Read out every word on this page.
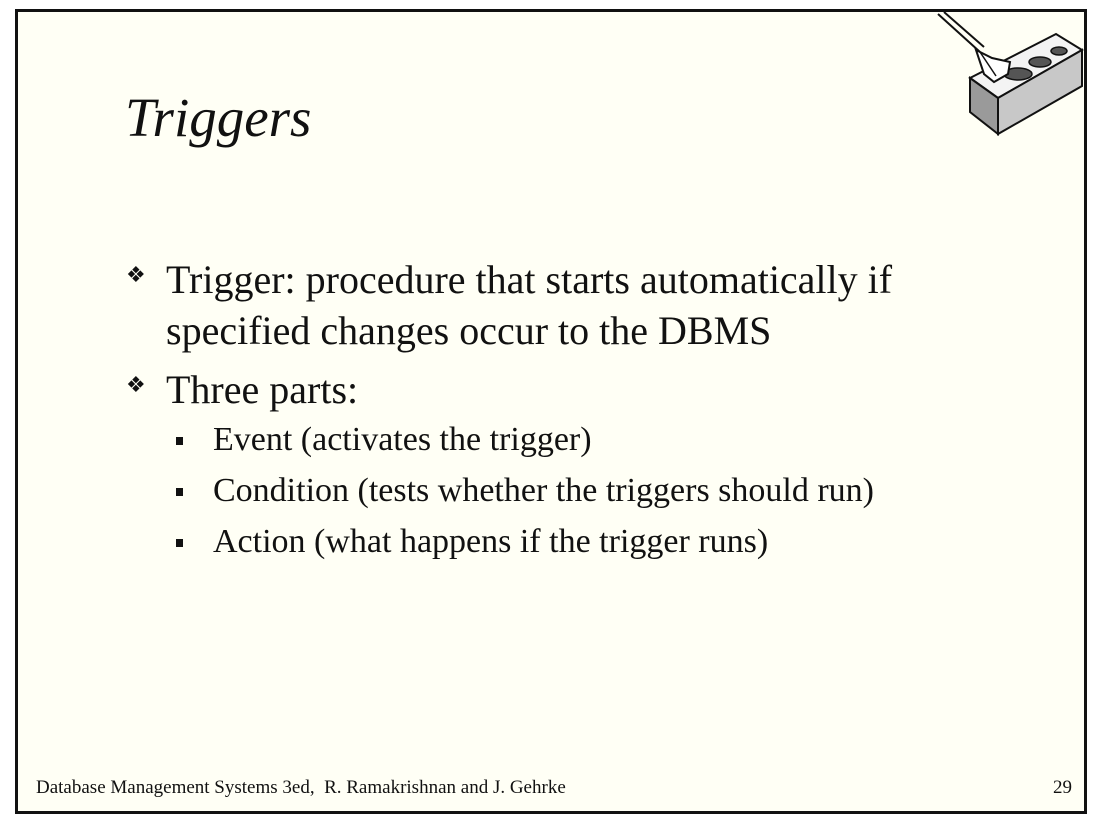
Triggers
❖ Trigger: procedure that starts automatically if specified changes occur to the DBMS
❖ Three parts:
Event (activates the trigger)
Condition (tests whether the triggers should run)
Action (what happens if the trigger runs)
Database Management Systems 3ed,  R. Ramakrishnan and J. Gehrke	29
